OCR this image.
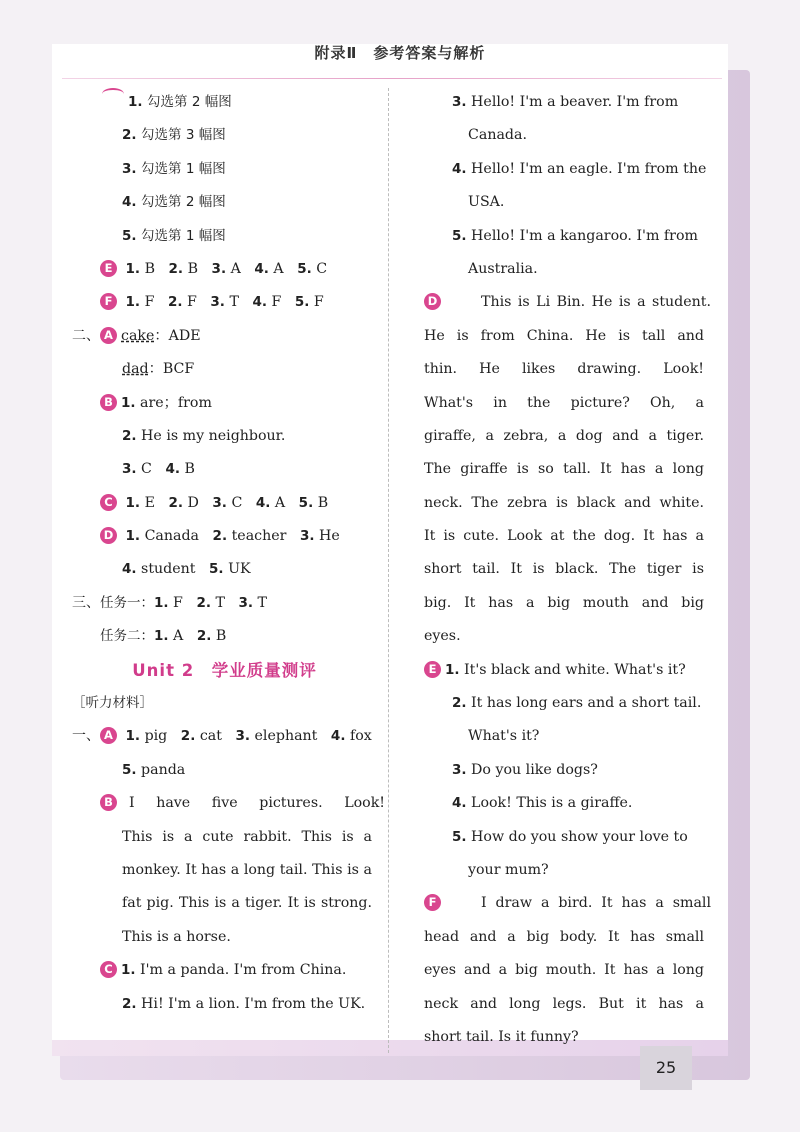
附录Ⅱ　参考答案与解析
1. 勾选第 2 幅图
2. 勾选第 3 幅图
3. 勾选第 1 幅图
4. 勾选第 2 幅图
5. 勾选第 1 幅图
E 1. B 2. B 3. A 4. A 5. C
F 1. F 2. F 3. T 4. F 5. F
二、 A cake：ADE
dad：BCF
B 1. are；from
2. He is my neighbour.
3. C 4. B
C 1. E 2. D 3. C 4. A 5. B
D 1. Canada 2. teacher 3. He
4. student 5. UK
三、任务一：1. F 2. T 3. T
任务二：1. A 2. B
Unit 2　学业质量测评
［听力材料］
一、 A 1. pig 2. cat 3. elephant 4. fox
5. panda
B I have five pictures. Look!
This is a cute rabbit. This is a
monkey. It has a long tail. This is a
fat pig. This is a tiger. It is strong.
This is a horse.
C 1. I'm a panda. I'm from China.
2. Hi! I'm a lion. I'm from the UK.
3. Hello! I'm a beaver. I'm from
Canada.
4. Hello! I'm an eagle. I'm from the
USA.
5. Hello! I'm a kangaroo. I'm from
Australia.
D	This is Li Bin. He is a student.
He is from China. He is tall and
thin. He likes drawing. Look!
What's in the picture? Oh, a
giraffe, a zebra, a dog and a tiger.
The giraffe is so tall. It has a long
neck. The zebra is black and white.
It is cute. Look at the dog. It has a
short tail. It is black. The tiger is
big. It has a big mouth and big
eyes.
E 1. It's black and white. What's it?
2. It has long ears and a short tail.
What's it?
3. Do you like dogs?
4. Look! This is a giraffe.
5. How do you show your love to
your mum?
F	I draw a bird. It has a small
head and a big body. It has small
eyes and a big mouth. It has a long
neck and long legs. But it has a
short tail. Is it funny?
25
